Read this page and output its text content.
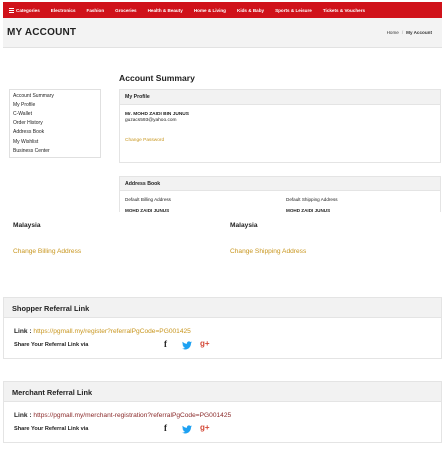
Categories Electronics Fashion Groceries Health & Beauty Home & Living Kids & Baby Sports & Leisure Tickets & Vouchers
MY ACCOUNT	Home / My Account
Account Summary
My Profile
C-Wallet
Order History
Address Book
My Wishlist
Business Center
Account Summary
My Profile
Mr. MOHD ZAIDI BIN JUNUS
guzacs593@yahoo.com
Change Password
Address Book
Default Billing Address	Default Shipping Address
MOHD ZAIDI JUNUS	MOHD ZAIDI JUNUS
Malaysia	Malaysia
Change Billing Address	Change Shipping Address
Shopper Referral Link
Link : https://pgmall.my/register?referralPgCode=PG001425
Share Your Referral Link via	f	g+
Merchant Referral Link
Link : https://pgmall.my/merchant-registration?referralPgCode=PG001425
Share Your Referral Link via	f	g+
